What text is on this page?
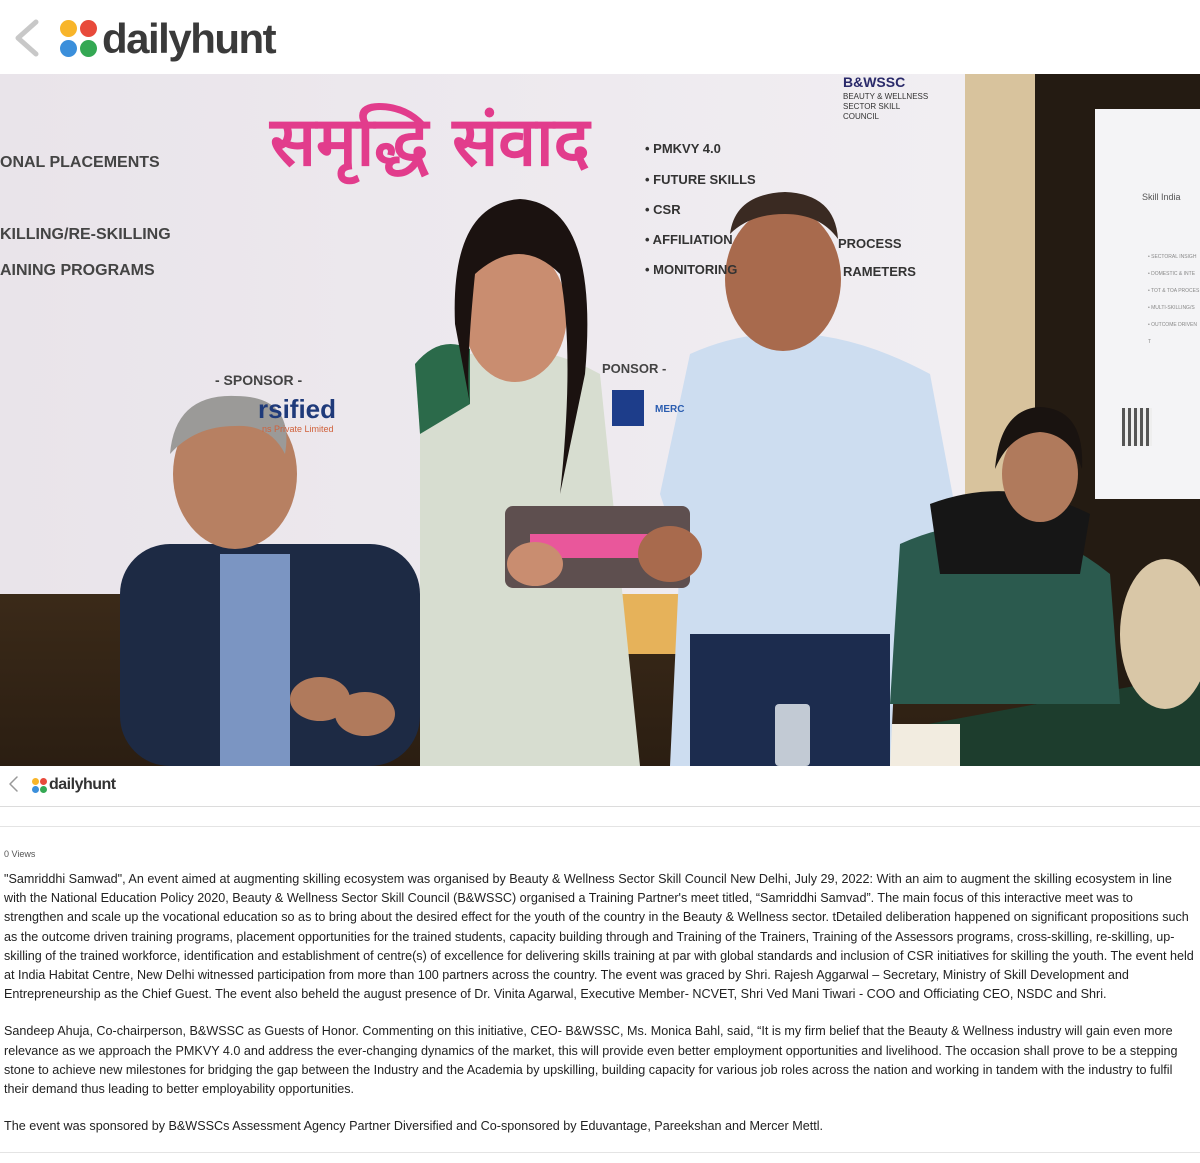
dailyhunt
समृद्धि संवाद
ONAL PLACEMENTS
KILLING/RE-SKILLING
AINING PROGRAMS
• PMKVY 4.0
• FUTURE SKILLS
• CSR
• AFFILIATION
• MONITORING
PROCESS
RAMETERS
- SPONSOR -
rsified
ns Private Limited
PONSOR -
MERC
B&WSSC
BEAUTY & WELLNESS SECTOR SKILL COUNCIL
Skill India
• SECTORAL INSIGH
• DOMESTIC & INTE
• TOT & TOA PROCES
• MULTI-SKILLING/S
• OUTCOME DRIVEN T
dailyhunt
0 Views

"Samriddhi Samwad", An event aimed at augmenting skilling ecosystem was organised by Beauty & Wellness Sector Skill Council New Delhi, July 29, 2022: With an aim to augment the skilling ecosystem in line with the National Education Policy 2020, Beauty & Wellness Sector Skill Council (B&WSSC) organised a Training Partner's meet titled, “Samriddhi Samvad”. The main focus of this interactive meet was to strengthen and scale up the vocational education so as to bring about the desired effect for the youth of the country in the Beauty & Wellness sector. tDetailed deliberation happened on significant propositions such as the outcome driven training programs, placement opportunities for the trained students, capacity building through and Training of the Trainers, Training of the Assessors programs, cross-skilling, re-skilling, up-skilling of the trained workforce, identification and establishment of centre(s) of excellence for delivering skills training at par with global standards and inclusion of CSR initiatives for skilling the youth. The event held at India Habitat Centre, New Delhi witnessed participation from more than 100 partners across the country. The event was graced by Shri. Rajesh Aggarwal – Secretary, Ministry of Skill Development and Entrepreneurship as the Chief Guest. The event also beheld the august presence of Dr. Vinita Agarwal, Executive Member- NCVET, Shri Ved Mani Tiwari - COO and Officiating CEO, NSDC and Shri.

Sandeep Ahuja, Co-chairperson, B&WSSC as Guests of Honor. Commenting on this initiative, CEO- B&WSSC, Ms. Monica Bahl, said, “It is my firm belief that the Beauty & Wellness industry will gain even more relevance as we approach the PMKVY 4.0 and address the ever-changing dynamics of the market, this will provide even better employment opportunities and livelihood. The occasion shall prove to be a stepping stone to achieve new milestones for bridging the gap between the Industry and the Academia by upskilling, building capacity for various job roles across the nation and working in tandem with the industry to fulfil their demand thus leading to better employability opportunities.

The event was sponsored by B&WSSCs Assessment Agency Partner Diversified and Co-sponsored by Eduvantage, Pareekshan and Mercer Mettl.
